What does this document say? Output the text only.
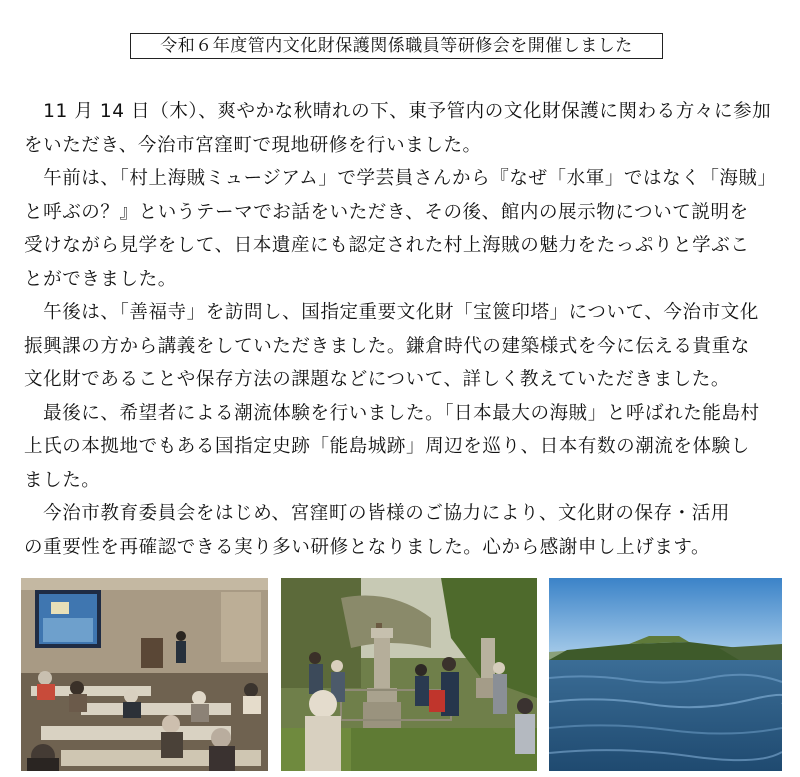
令和６年度管内文化財保護関係職員等研修会を開催しました

　11 月 14 日（木）、爽やかな秋晴れの下、東予管内の文化財保護に関わる方々に参加
をいただき、今治市宮窪町で現地研修を行いました。

　午前は、「村上海賊ミュージアム」で学芸員さんから『なぜ「水軍」ではなく「海賊」
と呼ぶの？』というテーマでお話をいただき、その後、館内の展示物について説明を
受けながら見学をして、日本遺産にも認定された村上海賊の魅力をたっぷりと学ぶこ
とができました。

　午後は、「善福寺」を訪問し、国指定重要文化財「宝篋印塔」について、今治市文化
振興課の方から講義をしていただきました。鎌倉時代の建築様式を今に伝える貴重な
文化財であることや保存方法の課題などについて、詳しく教えていただきました。

　最後に、希望者による潮流体験を行いました。「日本最大の海賊」と呼ばれた能島村
上氏の本拠地でもある国指定史跡「能島城跡」周辺を巡り、日本有数の潮流を体験し
ました。

　今治市教育委員会をはじめ、宮窪町の皆様のご協力により、文化財の保存・活用
の重要性を再確認できる実り多い研修となりました。心から感謝申し上げます。
